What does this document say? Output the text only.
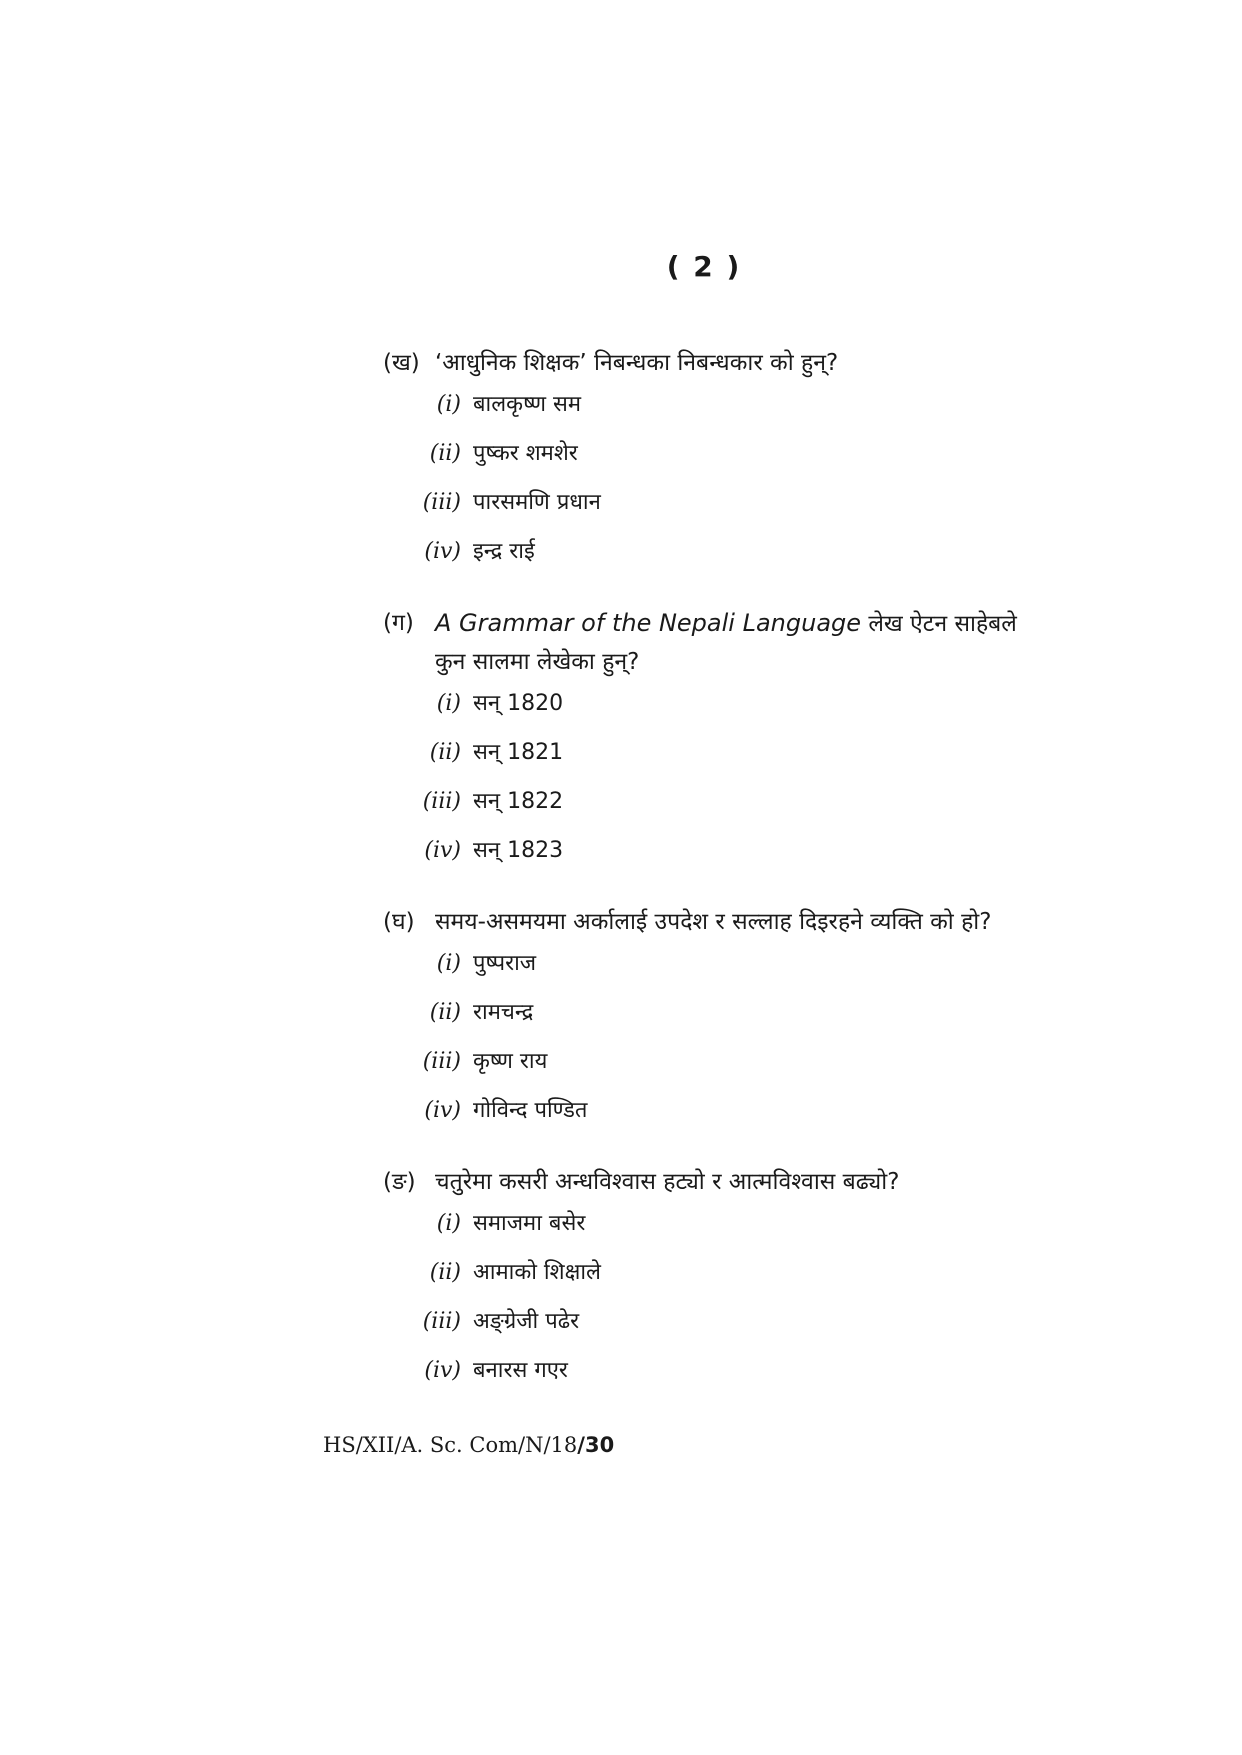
( 2 )
(ख) ‘आधुनिक शिक्षक’ निबन्धका निबन्धकार को हुन्?
(i) बालकृष्ण सम
(ii) पुष्कर शमशेर
(iii) पारसमणि प्रधान
(iv) इन्द्र राई
(ग) A Grammar of the Nepali Language लेख ऐटन साहेबले कुन सालमा लेखेका हुन्?
(i) सन् 1820
(ii) सन् 1821
(iii) सन् 1822
(iv) सन् 1823
(घ) समय-असमयमा अर्कालाई उपदेश र सल्लाह दिइरहने व्यक्ति को हो?
(i) पुष्पराज
(ii) रामचन्द्र
(iii) कृष्ण राय
(iv) गोविन्द पण्डित
(ङ) चतुरेमा कसरी अन्धविश्वास हट्यो र आत्मविश्वास बढ्यो?
(i) समाजमा बसेर
(ii) आमाको शिक्षाले
(iii) अङ्ग्रेजी पढेर
(iv) बनारस गएर
HS/XII/A. Sc. Com/N/18/30
